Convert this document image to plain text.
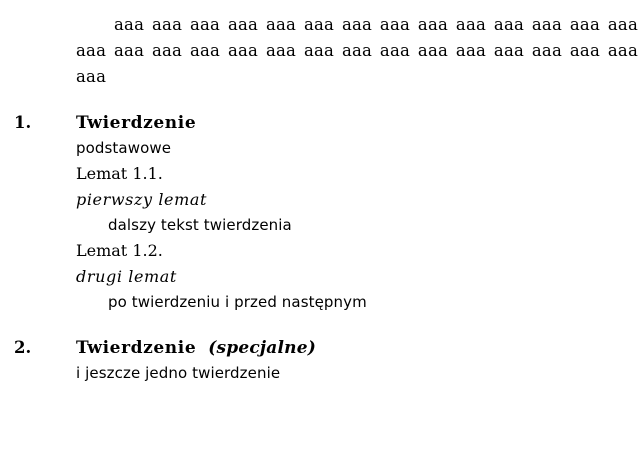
aaa aaa aaa aaa aaa aaa aaa aaa aaa aaa aaa aaa aaa aaa aaa aaa aaa aaa aaa aaa aaa aaa aaa aaa aaa aaa aaa aaa aaa aaa

1.	Twierdzenie
podstawowe
Lemat 1.1.
pierwszy lemat
dalszy tekst twierdzenia
Lemat 1.2.
drugi lemat
po twierdzeniu i przed następnym
2.	Twierdzenie (specjalne)
i jeszcze jedno twierdzenie
